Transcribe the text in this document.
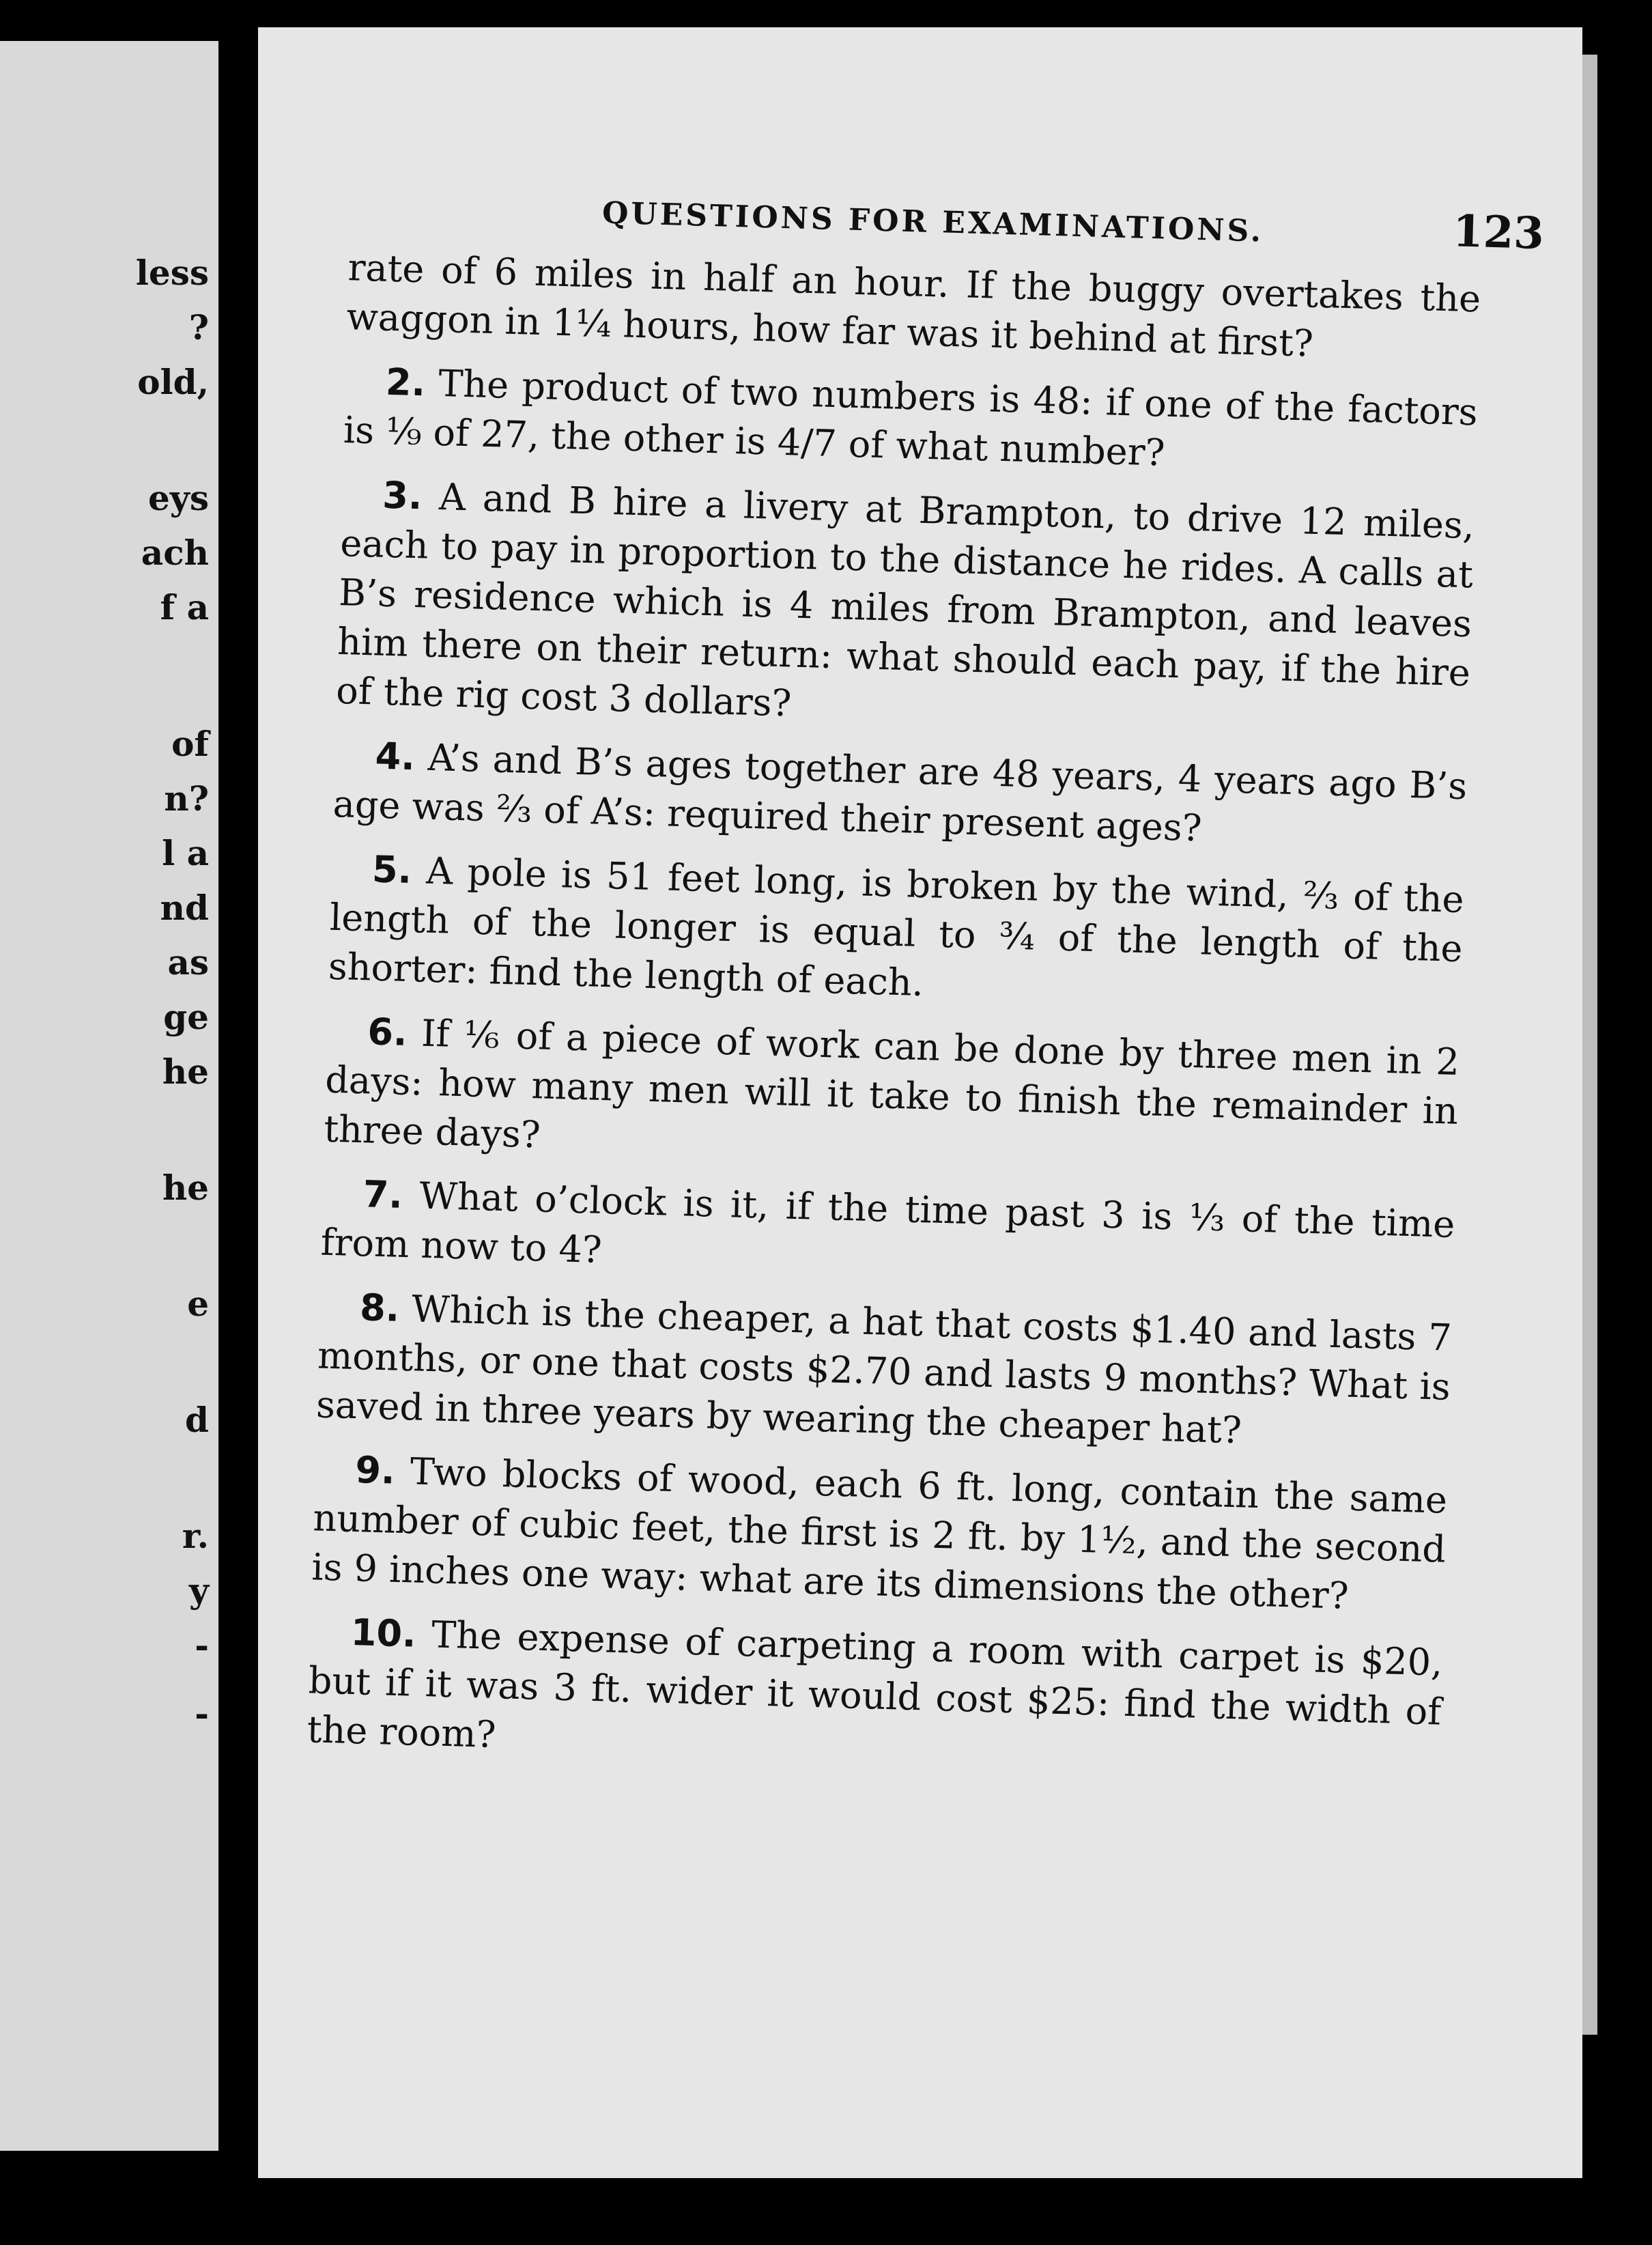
less
?
old,
eys
ach
f a
of
n?
l a
nd
as
ge
he
he
e
d
r.
y
-
-
QUESTIONS FOR EXAMINATIONS.	123

rate of 6 miles in half an hour. If the buggy overtakes the waggon in 1¼ hours, how far was it behind at first?

2. The product of two numbers is 48: if one of the factors is ⅑ of 27, the other is 4/7 of what number?

3. A and B hire a livery at Brampton, to drive 12 miles, each to pay in proportion to the distance he rides. A calls at B’s residence which is 4 miles from Brampton, and leaves him there on their return: what should each pay, if the hire of the rig cost 3 dollars?

4. A’s and B’s ages together are 48 years, 4 years ago B’s age was ⅔ of A’s: required their present ages?

5. A pole is 51 feet long, is broken by the wind, ⅔ of the length of the longer is equal to ¾ of the length of the shorter: find the length of each.

6. If ⅙ of a piece of work can be done by three men in 2 days: how many men will it take to finish the remainder in three days?

7. What o’clock is it, if the time past 3 is ⅓ of the time from now to 4?

8. Which is the cheaper, a hat that costs $1.40 and lasts 7 months, or one that costs $2.70 and lasts 9 months? What is saved in three years by wearing the cheaper hat?

9. Two blocks of wood, each 6 ft. long, contain the same number of cubic feet, the first is 2 ft. by 1½, and the second is 9 inches one way: what are its dimensions the other?

10. The expense of carpeting a room with carpet is $20, but if it was 3 ft. wider it would cost $25: find the width of the room?
